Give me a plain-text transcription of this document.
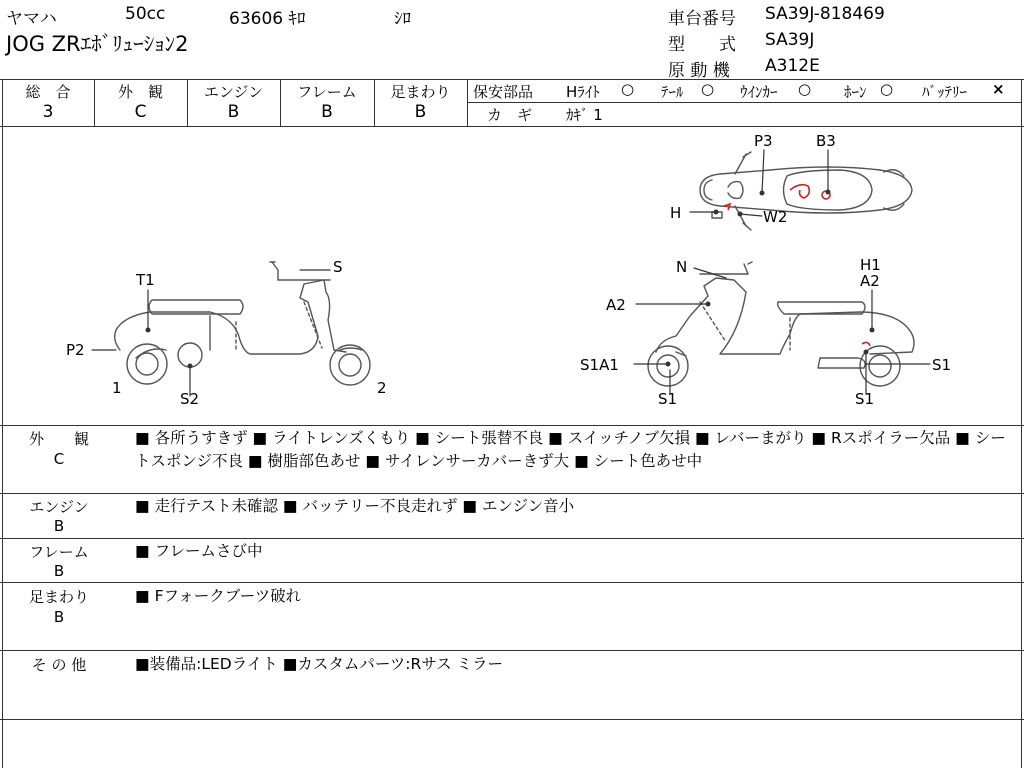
ヤマハ	50cc	63606 ｷﾛ	ｼﾛ
JOG ZRｴﾎﾞﾘｭｰｼｮﾝ2
車台番号 SA39J-818469
型　　式 SA39J
原 動 機 A312E
総　合
3
外　観
C
エンジン
B
フレーム
B
足まわり
B
保安部品 Hﾗｲﾄ ○ ﾃｰﾙ ○ ｳｲﾝｶｰ ○ ﾎｰﾝ ○ ﾊﾞｯﾃﾘｰ ×
カ　ギ ｶｷﾞ 1
P3	B3
H	W2
S
T1
P2
1	2
S2
N	H1
A2
A2
S1A1	S1
S1	S1
外　　観
C
■ 各所うすきず ■ ライトレンズくもり ■ シート張替不良 ■ スイッチノブ欠損 ■ レバーまがり ■ Rスポイラー欠品 ■ シートスポンジ不良 ■ 樹脂部色あせ ■ サイレンサーカバーきず大 ■ シート色あせ中
エンジン
B
■ 走行テスト未確認 ■ バッテリー不良走れず ■ エンジン音小
フレーム
B
■ フレームさび中
足まわり
B
■ Fフォークブーツ破れ
そ の 他	■装備品:LEDライト ■カスタムパーツ:Rサス ミラー
